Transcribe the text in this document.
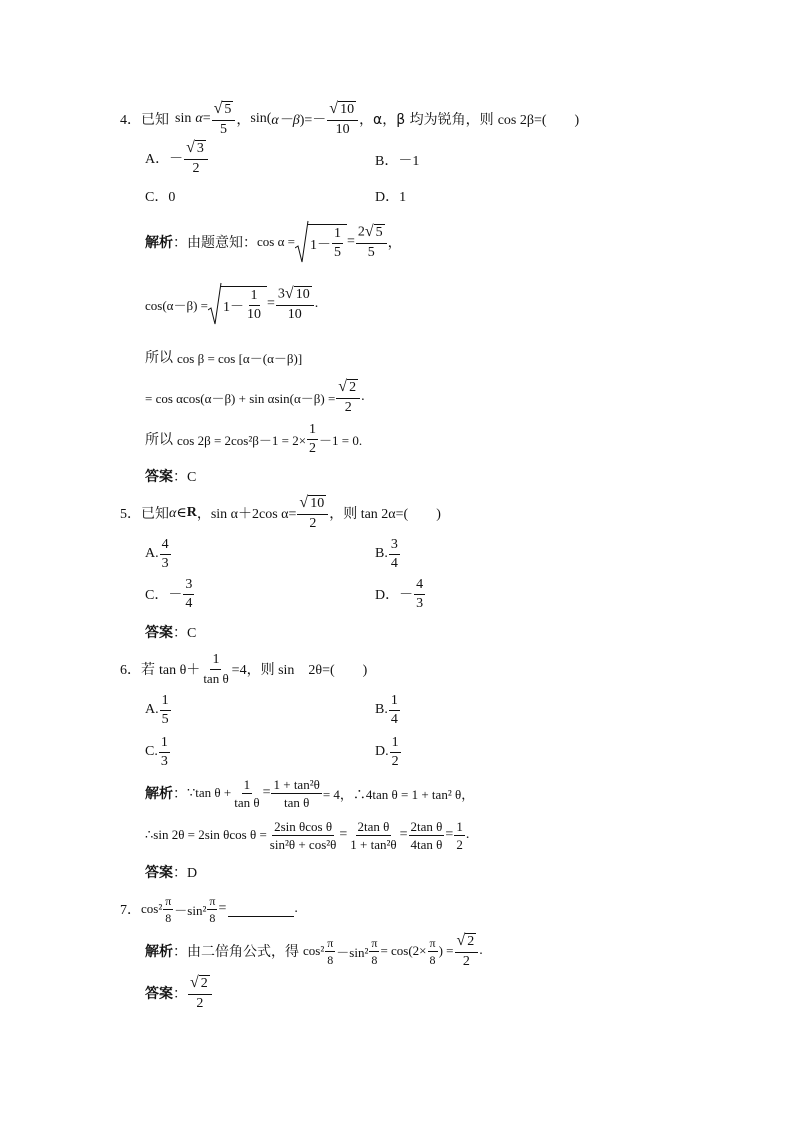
4． 已知 $\sin \alpha = \frac{√ 5}{5}$ ， sin( α－β )=－ $\frac{√ 10}{10}$ ，α，β 均为锐角，则 cos 2β=(　　)
A．－ $\frac{√ 3}{2}$	B．－1
C．0	D．1
解析 ：由题意知： $\cos \alpha = 1- \frac{1}{5} = \frac{2 √ 5}{5}$ ，
$\cos(\alpha-\beta) = 1- \frac{1}{10} = \frac{3 √ 10}{10}$ .
所以 cos β = cos [α－(α－β)]
= $\cos \alpha\cos(\alpha-\beta) + \sin \alpha\sin(\alpha-\beta) = \frac{√ 2}{2}$ .
所以 $\cos 2\beta = 2\cos^2\beta-1 = 2\times \frac{1}{2} -1 = 0$.
答案 ：C
5． 已知 α∈ R ，sin α＋2cos $\alpha= \frac{√ 10}{2}$ ，则 tan 2α=(　　)
A. $\frac{4}{3}$	B. $\frac{3}{4}$
C．－ $\frac{3}{4}$	D．－ $\frac{4}{3}$
答案 ：C
6． 若 $\tan \theta+ \frac{1}{\text{tan θ}} =4$，则 sin　2θ=(　　)
A. $\frac{1}{5}$	B. $\frac{1}{4}$
C. $\frac{1}{3}$	D. $\frac{1}{2}$
解析 ： ∵tan $\theta + \frac{1}{\text{tan θ}} = \frac{\text{1 + tan²θ}}{\text{tan θ}} = 4$，∴4tan θ = 1 + tan² θ，
∴sin 2θ = 2sin θcos $\theta = \frac{\text{2sin θcos θ}}{\text{sin²θ + cos²θ}} = \frac{\text{2tan θ}}{\text{1 + tan²θ}} = \frac{\text{2tan θ}}{\text{4tan θ}} = \frac{1}{2}$ .
答案 ：D
7． $\cos^2 \frac{\pi}{8} -\sin^2 \frac{\pi}{8}$ =	.
解析 ：由二倍角公式，得 $\cos^2 \frac{\pi}{8} -\sin^2 \frac{\pi}{8} = \cos(2\times \frac{\pi}{8}$ ) = $\frac{√ 2}{2}$ .
答案 ： $\frac{√ 2}{2}$
